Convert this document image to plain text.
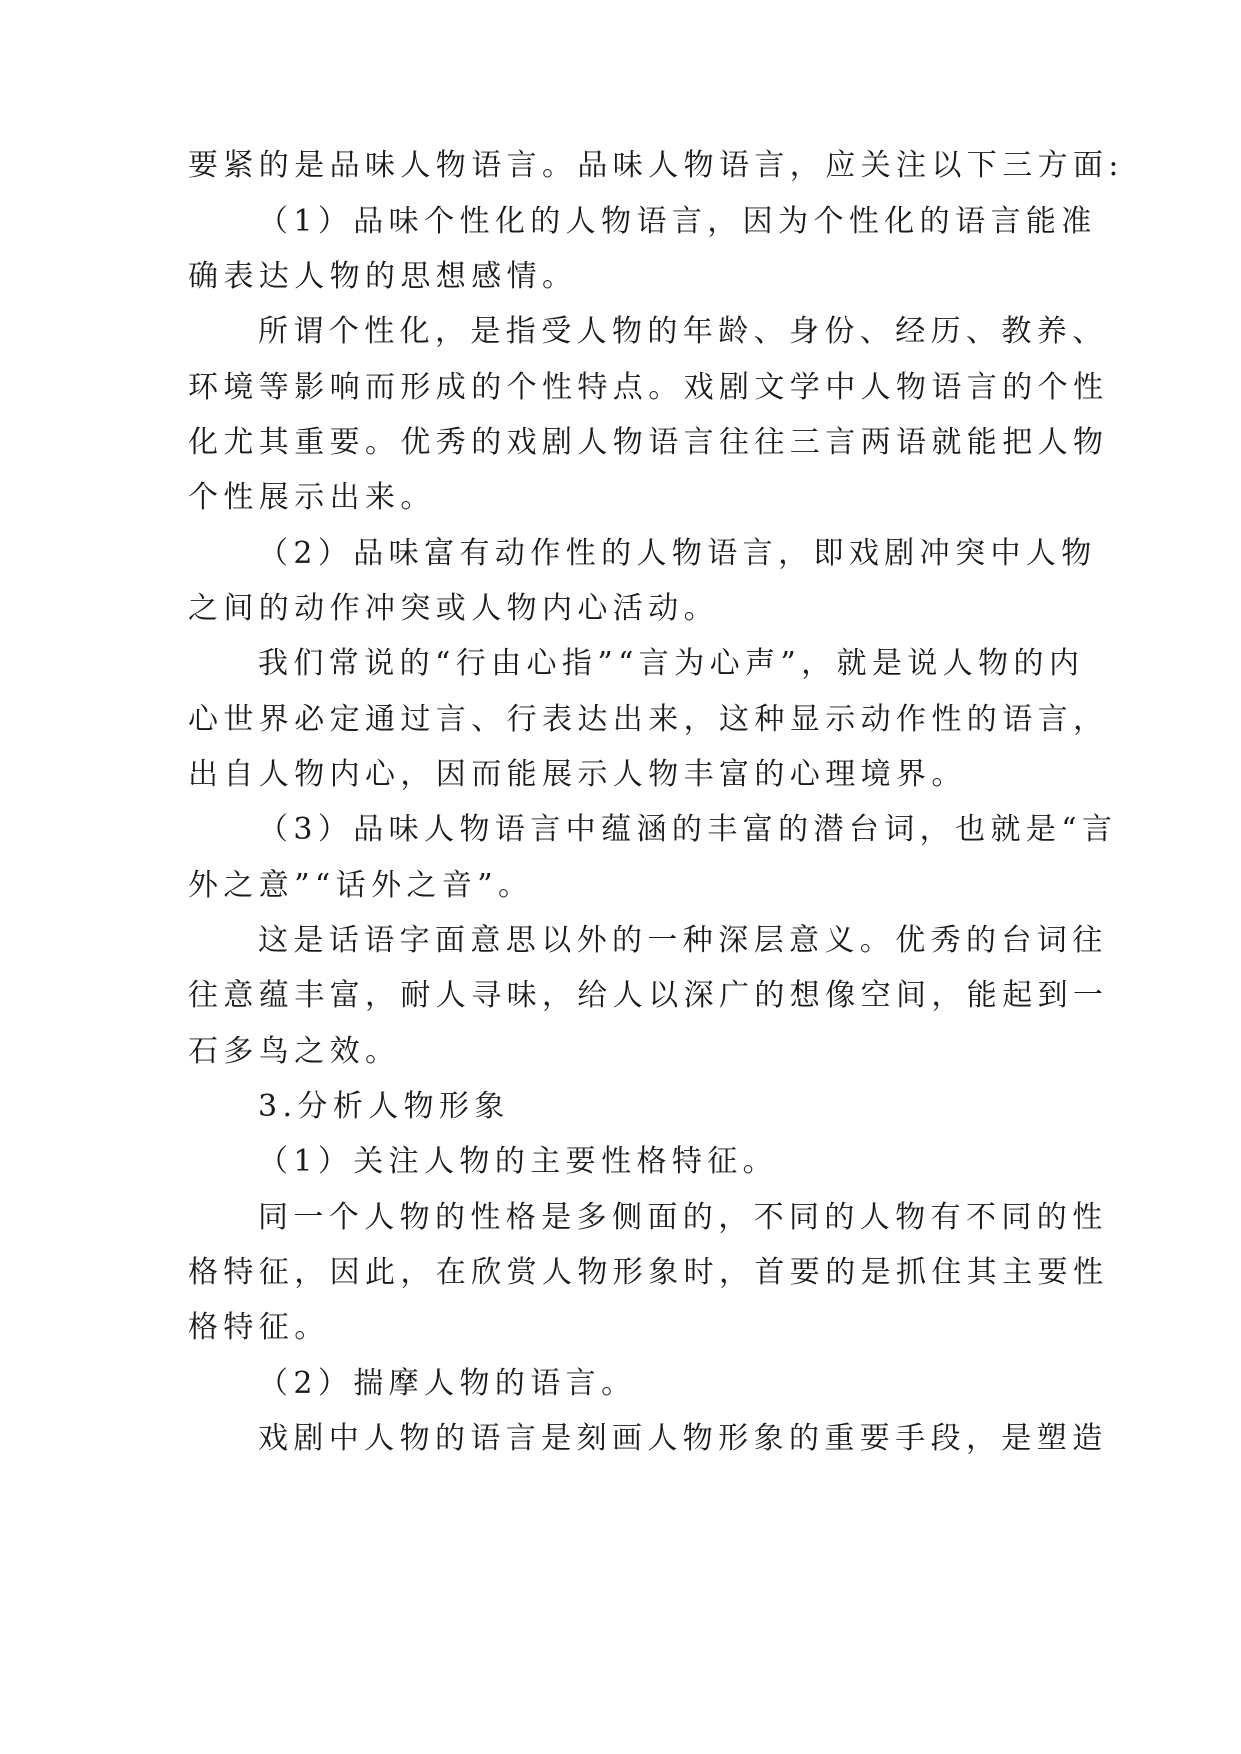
要紧的是品味人物语言。品味人物语言，应关注以下三方面:
（1）品味个性化的人物语言，因为个性化的语言能准
确表达人物的思想感情。
所谓个性化，是指受人物的年龄、身份、经历、教养、
环境等影响而形成的个性特点。戏剧文学中人物语言的个性
化尤其重要。优秀的戏剧人物语言往往三言两语就能把人物
个性展示出来。
（2）品味富有动作性的人物语言，即戏剧冲突中人物
之间的动作冲突或人物内心活动。
我们常说的“行由心指”“言为心声”，就是说人物的内
心世界必定通过言、行表达出来，这种显示动作性的语言，
出自人物内心，因而能展示人物丰富的心理境界。
（3）品味人物语言中蕴涵的丰富的潜台词，也就是“言
外之意”“话外之音”。
这是话语字面意思以外的一种深层意义。优秀的台词往
往意蕴丰富，耐人寻味，给人以深广的想像空间，能起到一
石多鸟之效。
3.分析人物形象
（1）关注人物的主要性格特征。
同一个人物的性格是多侧面的，不同的人物有不同的性
格特征，因此，在欣赏人物形象时，首要的是抓住其主要性
格特征。
（2）揣摩人物的语言。
戏剧中人物的语言是刻画人物形象的重要手段，是塑造
